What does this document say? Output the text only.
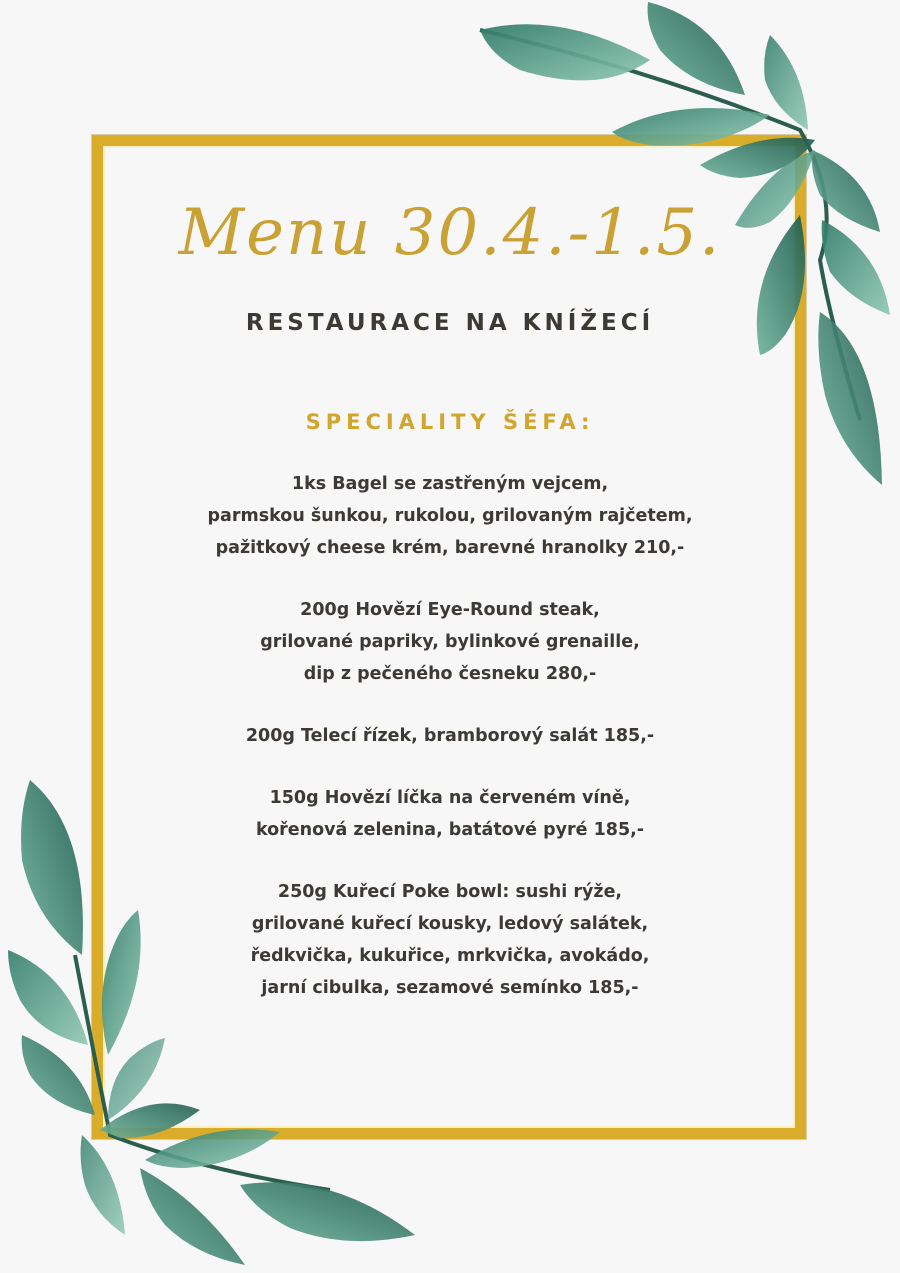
Menu 30.4.-1.5.
RESTAURACE NA KNÍŽECÍ
SPECIALITY ŠÉFA:
1ks Bagel se zastřeným vejcem,
parmskou šunkou, rukolou, grilovaným rajčetem,
pažitkový cheese krém, barevné hranolky 210,-
200g Hovězí Eye-Round steak,
grilované papriky, bylinkové grenaille,
dip z pečeného česneku 280,-
200g Telecí řízek, bramborový salát 185,-
150g Hovězí líčka na červeném víně,
kořenová zelenina, batátové pyré 185,-
250g Kuřecí Poke bowl: sushi rýže,
grilované kuřecí kousky, ledový salátek,
ředkvička, kukuřice, mrkvička, avokádo,
jarní cibulka, sezamové semínko 185,-
